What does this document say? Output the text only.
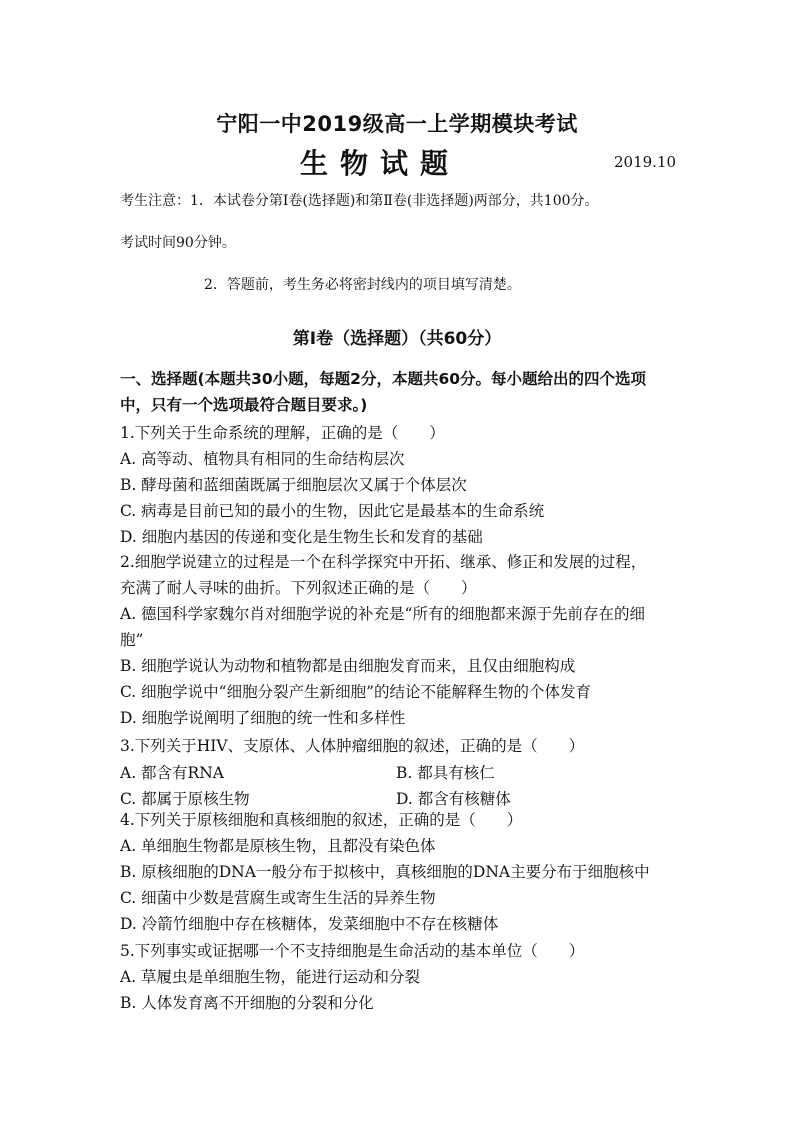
宁阳一中2019级高一上学期模块考试
生物试题	2019.10
考生注意：1．本试卷分第Ⅰ卷(选择题)和第Ⅱ卷(非选择题)两部分，共100分。
考试时间90分钟。
2．答题前，考生务必将密封线内的项目填写清楚。
第Ⅰ卷（选择题）（共60分）
一、选择题(本题共30小题，每题2分，本题共60分。每小题给出的四个选项
中，只有一个选项最符合题目要求。)
1.下列关于生命系统的理解，正确的是（　　）
A. 高等动、植物具有相同的生命结构层次
B. 酵母菌和蓝细菌既属于细胞层次又属于个体层次
C. 病毒是目前已知的最小的生物，因此它是最基本的生命系统
D. 细胞内基因的传递和变化是生物生长和发育的基础
2.细胞学说建立的过程是一个在科学探究中开拓、继承、修正和发展的过程，
充满了耐人寻味的曲折。下列叙述正确的是（　　）
A. 德国科学家魏尔肖对细胞学说的补充是“所有的细胞都来源于先前存在的细
胞”
B. 细胞学说认为动物和植物都是由细胞发育而来，且仅由细胞构成
C. 细胞学说中“细胞分裂产生新细胞”的结论不能解释生物的个体发育
D. 细胞学说阐明了细胞的统一性和多样性
3.下列关于HIV、支原体、人体肿瘤细胞的叙述，正确的是（　　）
A. 都含有RNA	B. 都具有核仁
C. 都属于原核生物	D. 都含有核糖体
4.下列关于原核细胞和真核细胞的叙述，正确的是（　　）
A. 单细胞生物都是原核生物，且都没有染色体
B. 原核细胞的DNA一般分布于拟核中，真核细胞的DNA主要分布于细胞核中
C. 细菌中少数是营腐生或寄生生活的异养生物
D. 冷箭竹细胞中存在核糖体，发菜细胞中不存在核糖体
5.下列事实或证据哪一个不支持细胞是生命活动的基本单位（　　）
A. 草履虫是单细胞生物，能进行运动和分裂
B. 人体发育离不开细胞的分裂和分化
